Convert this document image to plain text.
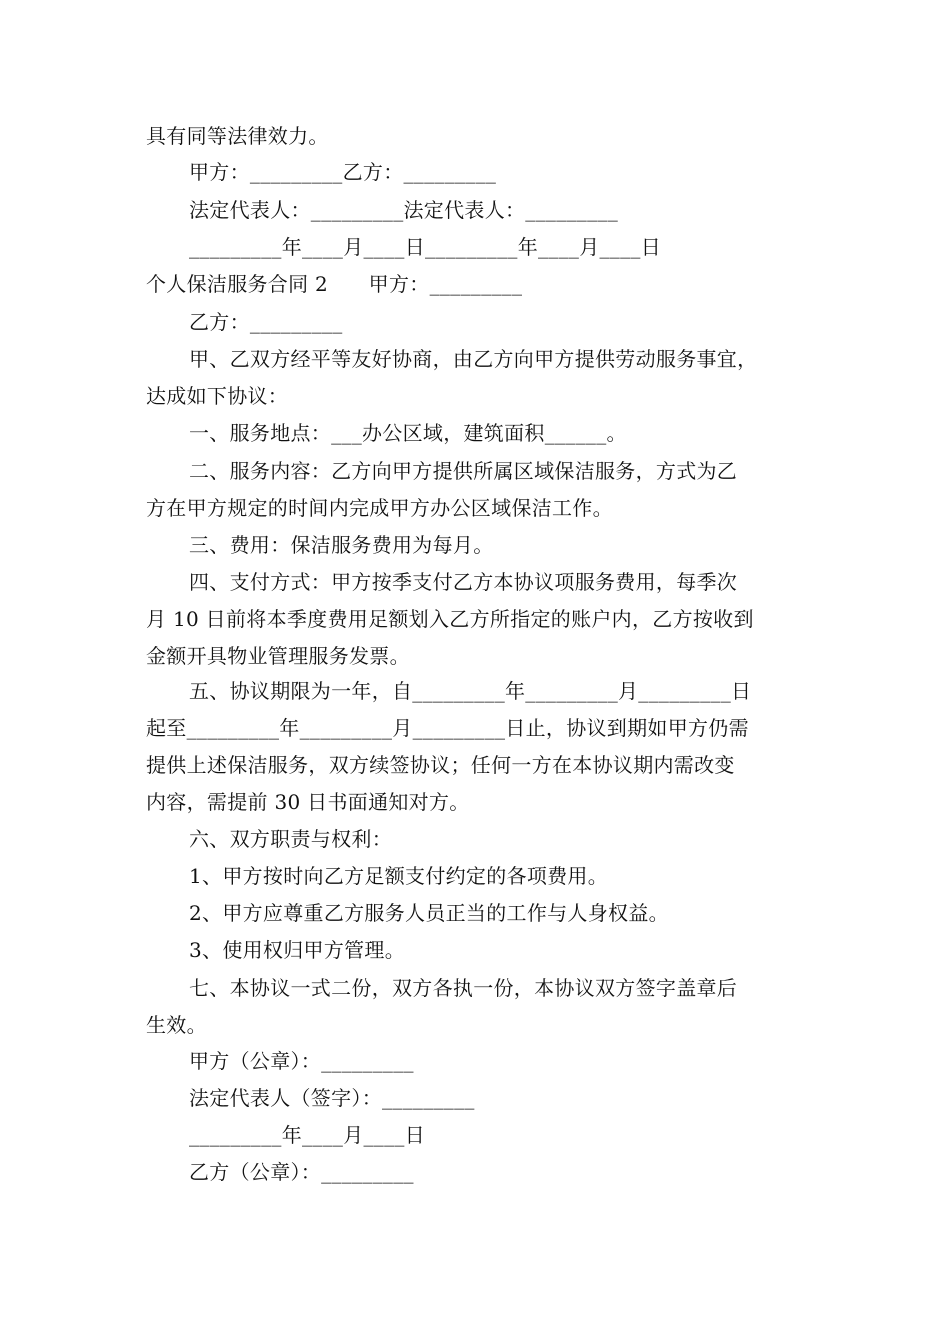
具有同等法律效力。
甲方：_________乙方：_________
法定代表人：_________法定代表人：_________
_________年____月____日_________年____月____日
个人保洁服务合同 2　　甲方：_________
乙方：_________
甲、乙双方经平等友好协商，由乙方向甲方提供劳动服务事宜，
达成如下协议：
一、服务地点：___办公区域，建筑面积______。
二、服务内容：乙方向甲方提供所属区域保洁服务，方式为乙
方在甲方规定的时间内完成甲方办公区域保洁工作。
三、费用：保洁服务费用为每月。
四、支付方式：甲方按季支付乙方本协议项服务费用，每季次
月 10 日前将本季度费用足额划入乙方所指定的账户内，乙方按收到
金额开具物业管理服务发票。
五、协议期限为一年，自_________年_________月_________日
起至_________年_________月_________日止，协议到期如甲方仍需
提供上述保洁服务，双方续签协议；任何一方在本协议期内需改变
内容，需提前 30 日书面通知对方。
六、双方职责与权利：
1、甲方按时向乙方足额支付约定的各项费用。
2、甲方应尊重乙方服务人员正当的工作与人身权益。
3、使用权归甲方管理。
七、本协议一式二份，双方各执一份，本协议双方签字盖章后
生效。
甲方（公章）：_________
法定代表人（签字）：_________
_________年____月____日
乙方（公章）：_________
